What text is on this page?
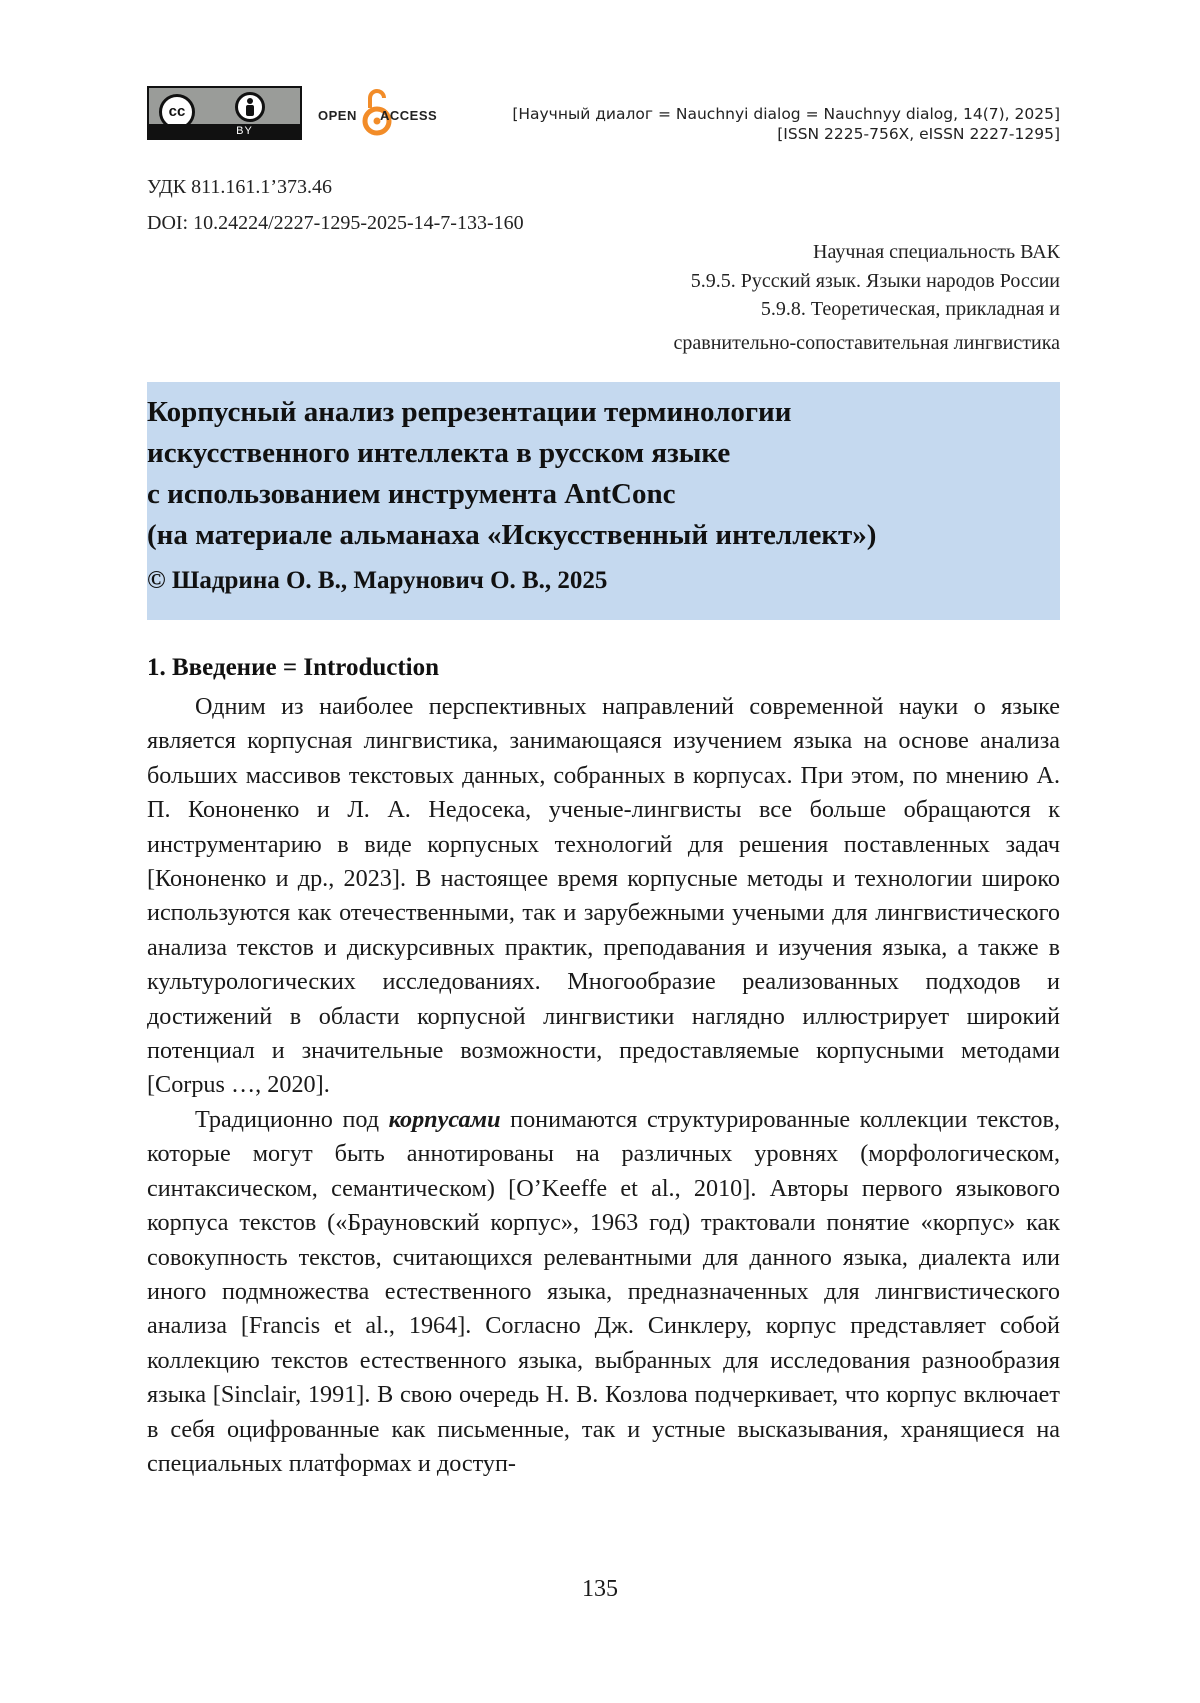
cc
BY
OPEN ACCESS	[Научный диалог = Nauchnyi dialog = Nauchnyy dialog, 14(7), 2025]
[ISSN 2225-756X, eISSN 2227-1295]
УДК 811.161.1’373.46
DOI: 10.24224/2227-1295-2025-14-7-133-160
Научная специальность ВАК
5.9.5. Русский язык. Языки народов России
5.9.8. Теоретическая, прикладная и
сравнительно-сопоставительная лингвистика
Корпусный анализ репрезентации терминологии
искусственного интеллекта в русском языке
с использованием инструмента AntConc
(на материале альманаха «Искусственный интеллект»)
© Шадрина О. В., Марунович О. В., 2025
1. Введение = Introduction

Одним из наиболее перспективных направлений современной науки о языке является корпусная лингвистика, занимающаяся изучением языка на основе анализа больших массивов текстовых данных, собранных в корпусах. При этом, по мнению А. П. Кононенко и Л. А. Недосека, ученые-лингвисты все больше обращаются к инструментарию в виде корпусных технологий для решения поставленных задач [Кононенко и др., 2023]. В настоящее время корпусные методы и технологии широко используются как отечественными, так и зарубежными учеными для лингвистического анализа текстов и дискурсивных практик, преподавания и изучения языка, а также в культурологических исследованиях. Многообразие реализованных подходов и достижений в области корпусной лингвистики наглядно иллюстрирует широкий потенциал и значительные возможности, предоставляемые корпусными методами [Corpus …, 2020].

Традиционно под корпусами понимаются структурированные коллекции текстов, которые могут быть аннотированы на различных уровнях (морфологическом, синтаксическом, семантическом) [O’Keeffe et al., 2010]. Авторы первого языкового корпуса текстов («Брауновский корпус», 1963 год) трактовали понятие «корпус» как совокупность текстов, считающихся релевантными для данного языка, диалекта или иного подмножества естественного языка, предназначенных для лингвистического анализа [Francis et al., 1964]. Согласно Дж. Синклеру, корпус представляет собой коллекцию текстов естественного языка, выбранных для исследования разнообразия языка [Sinclair, 1991]. В свою очередь Н. В. Козлова подчеркивает, что корпус включает в себя оцифрованные как письменные, так и устные высказывания, хранящиеся на специальных платформах и доступ-

135
